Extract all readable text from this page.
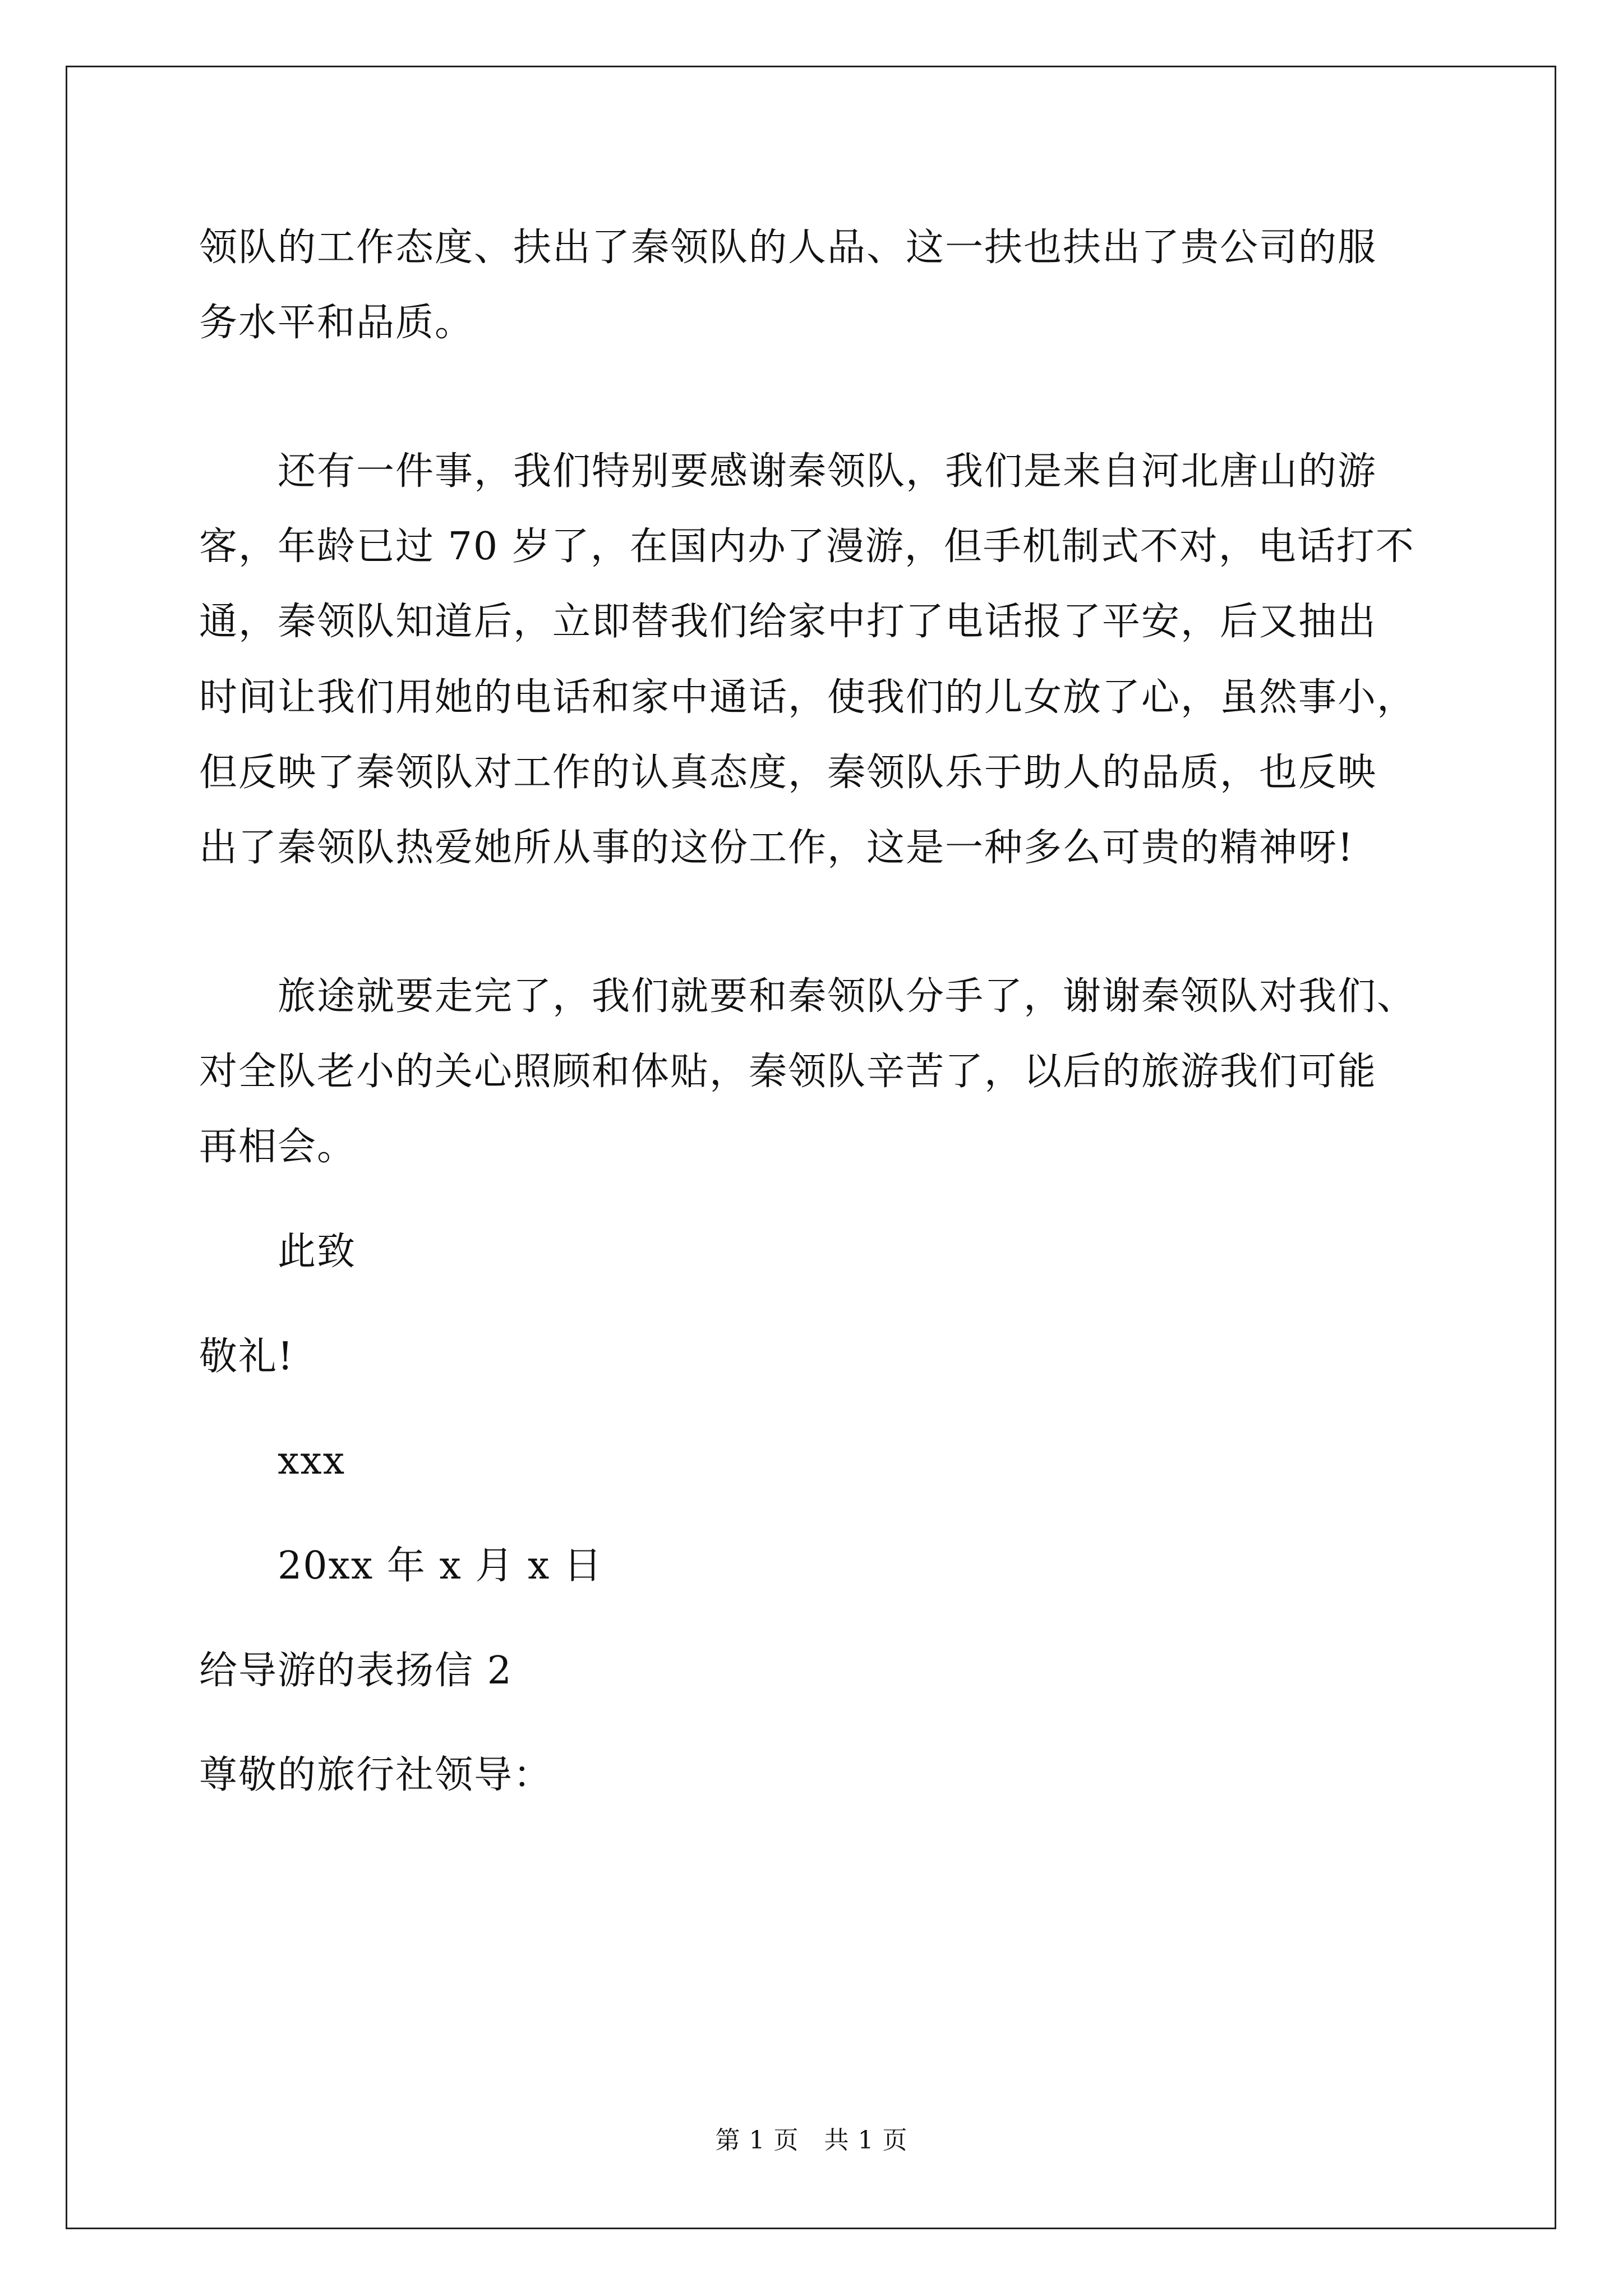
领队的工作态度、扶出了秦领队的人品、这一扶也扶出了贵公司的服
务水平和品质。
还有一件事，我们特别要感谢秦领队，我们是来自河北唐山的游
客，年龄已过 70 岁了，在国内办了漫游，但手机制式不对，电话打不
通，秦领队知道后，立即替我们给家中打了电话报了平安，后又抽出
时间让我们用她的电话和家中通话，使我们的儿女放了心，虽然事小，
但反映了秦领队对工作的认真态度，秦领队乐于助人的品质，也反映
出了秦领队热爱她所从事的这份工作，这是一种多么可贵的精神呀!
旅途就要走完了，我们就要和秦领队分手了，谢谢秦领队对我们、
对全队老小的关心照顾和体贴，秦领队辛苦了，以后的旅游我们可能
再相会。
此致
敬礼!
xxx
20xx 年 x 月 x 日
给导游的表扬信 2
尊敬的旅行社领导：
第 1 页   共 1 页
